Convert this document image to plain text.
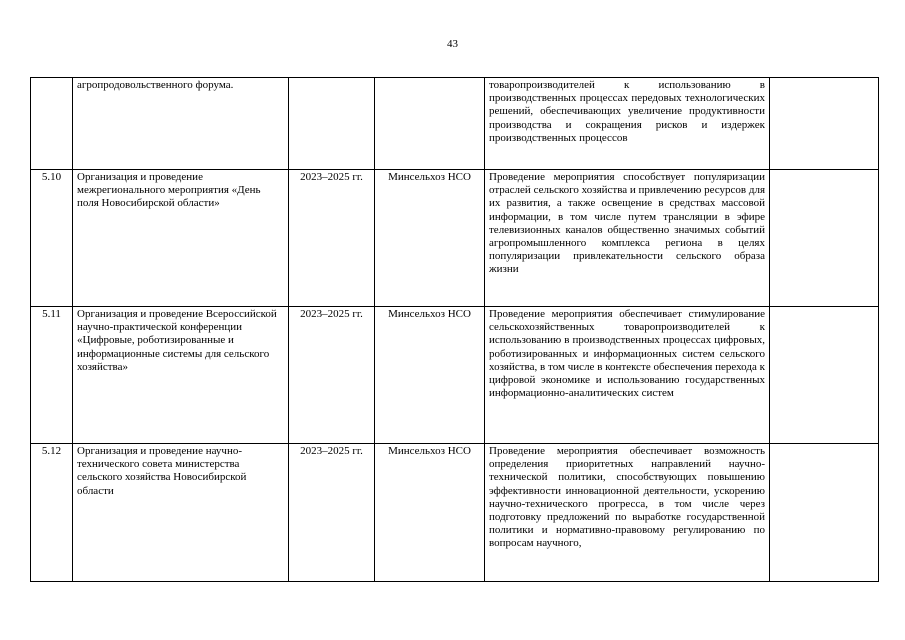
43
	агропродовольственного форума.			товаропроизводителей к использованию в производственных процессах передовых технологических решений, обеспечивающих увеличение продуктивности производства и сокращения рисков и издержек производственных процессов	
5.10	Организация и проведение межрегионального мероприятия «День поля Новосибирской области»	2023–2025 гг.	Минсельхоз НСО	Проведение мероприятия способствует популяризации отраслей сельского хозяйства и привлечению ресурсов для их развития, а также освещение в средствах массовой информации, в том числе путем трансляции в эфире телевизионных каналов общественно значимых событий агропромышленного комплекса региона в целях популяризации привлекательности сельского образа жизни	
5.11	Организация и проведение Всероссийской научно-практической конференции «Цифровые, роботизированные и информационные системы для сельского хозяйства»	2023–2025 гг.	Минсельхоз НСО	Проведение мероприятия обеспечивает стимулирование сельскохозяйственных товаропроизводителей к использованию в производственных процессах цифровых, роботизированных и информационных систем сельского хозяйства, в том числе в контексте обеспечения перехода к цифровой экономике и использованию государственных информационно-аналитических систем	
5.12	Организация и проведение научно-технического совета министерства сельского хозяйства Новосибирской области	2023–2025 гг.	Минсельхоз НСО	Проведение мероприятия обеспечивает возможность определения приоритетных направлений научно-технической политики, способствующих повышению эффективности инновационной деятельности, ускорению научно-технического прогресса, в том числе через подготовку предложений по выработке государственной политики и нормативно-правовому регулированию по вопросам научного,	
